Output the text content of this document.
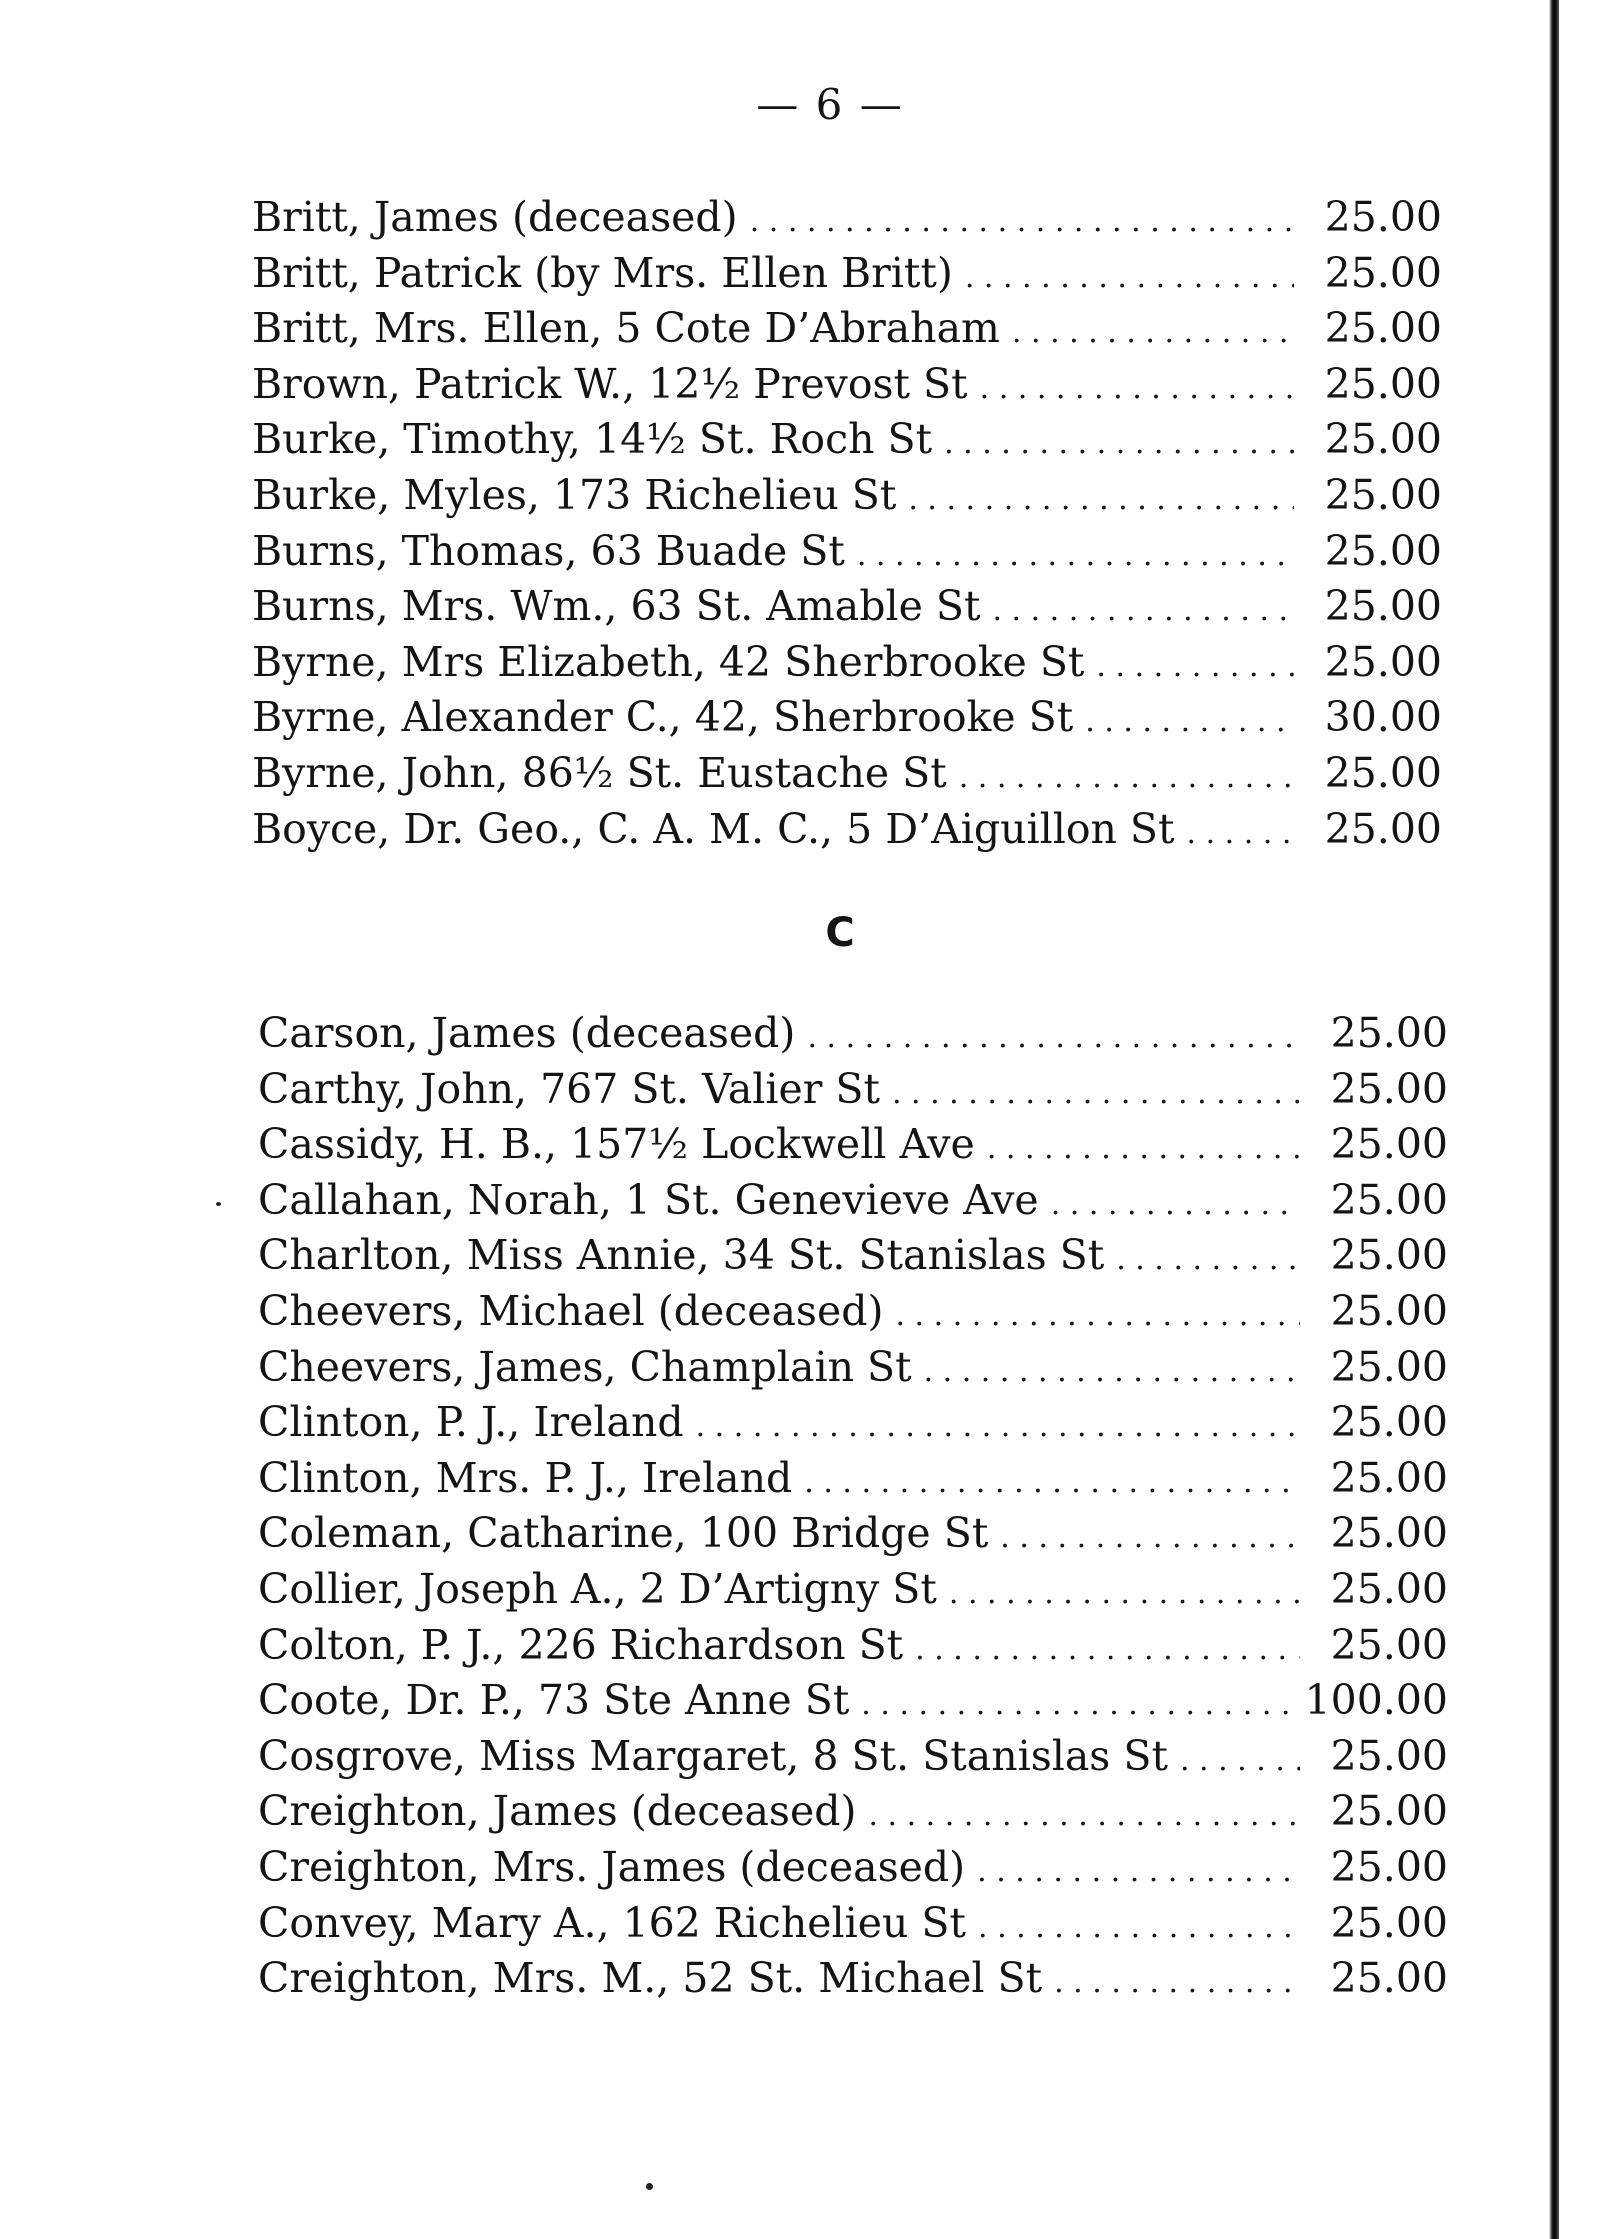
— 6 —
Britt, James (deceased) . . .	25.00
Britt, Patrick (by Mrs. Ellen Britt) . . .	25.00
Britt, Mrs. Ellen, 5 Cote D’Abraham . . .	25.00
Brown, Patrick W., 12½ Prevost St . . .	25.00
Burke, Timothy, 14½ St. Roch St . . .	25.00
Burke, Myles, 173 Richelieu St . . .	25.00
Burns, Thomas, 63 Buade St . . .	25.00
Burns, Mrs. Wm., 63 St. Amable St . . .	25.00
Byrne, Mrs Elizabeth, 42 Sherbrooke St . . .	25.00
Byrne, Alexander C., 42, Sherbrooke St . . .	30.00
Byrne, John, 86½ St. Eustache St . . .	25.00
Boyce, Dr. Geo., C. A. M. C., 5 D’Aiguillon St . . .	25.00
C
Carson, James (deceased) . . .	25.00
Carthy, John, 767 St. Valier St . . .	25.00
Cassidy, H. B., 157½ Lockwell Ave . . .	25.00
Callahan, Norah, 1 St. Genevieve Ave . . .	25.00
Charlton, Miss Annie, 34 St. Stanislas St . . .	25.00
Cheevers, Michael (deceased) . . .	25.00
Cheevers, James, Champlain St . . .	25.00
Clinton, P. J., Ireland . . .	25.00
Clinton, Mrs. P. J., Ireland . . .	25.00
Coleman, Catharine, 100 Bridge St . . .	25.00
Collier, Joseph A., 2 D’Artigny St . . .	25.00
Colton, P. J., 226 Richardson St . . .	25.00
Coote, Dr. P., 73 Ste Anne St . . .	100.00
Cosgrove, Miss Margaret, 8 St. Stanislas St . . .	25.00
Creighton, James (deceased) . . .	25.00
Creighton, Mrs. James (deceased) . . .	25.00
Convey, Mary A., 162 Richelieu St . . .	25.00
Creighton, Mrs. M., 52 St. Michael St . . .	25.00
